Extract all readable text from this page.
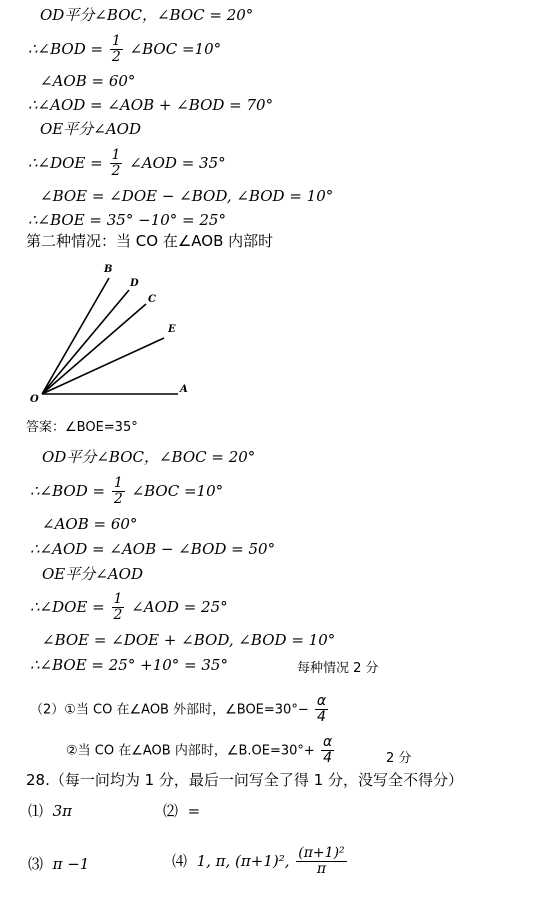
OD平分∠BOC，∠BOC = 20°
∴∠BOD = $\frac{1}{2}$ ∠BOC =10°
∠AOB = 60°
∴∠AOD = ∠AOB + ∠BOD = 70°
OE平分∠AOD
∴∠DOE = $\frac{1}{2}$ ∠AOD = 35°
∠BOE = ∠DOE − ∠BOD, ∠BOD = 10°
∴∠BOE = 35° −10° = 25°
第二种情况：当 CO 在∠AOB 内部时
B
D
C
E
O
A
答案：∠BOE=35°
OD平分∠BOC，∠BOC = 20°
∴∠BOD = $\frac{1}{2}$ ∠BOC =10°
∠AOB = 60°
∴∠AOD = ∠AOB − ∠BOD = 50°
OE平分∠AOD
∴∠DOE = $\frac{1}{2}$ ∠AOD = 25°
∠BOE = ∠DOE + ∠BOD, ∠BOD = 10°
∴∠BOE = 25° +10° = 35°	每种情况 2 分
（2）①当 CO 在∠AOB 外部时，∠BOE=30°− $\frac{\alpha}{4}$
②当 CO 在∠AOB 内部时，∠B.OE=30°+ $\frac{\alpha}{4}$	2 分
28.（每一问均为 1 分，最后一问写全了得 1 分，没写全不得分）
⑴ 3π	⑵ =
⑶ π −1	⑷ 1, π, (π+1)², $\frac{\text{(π+1)²}}{\pi}$
